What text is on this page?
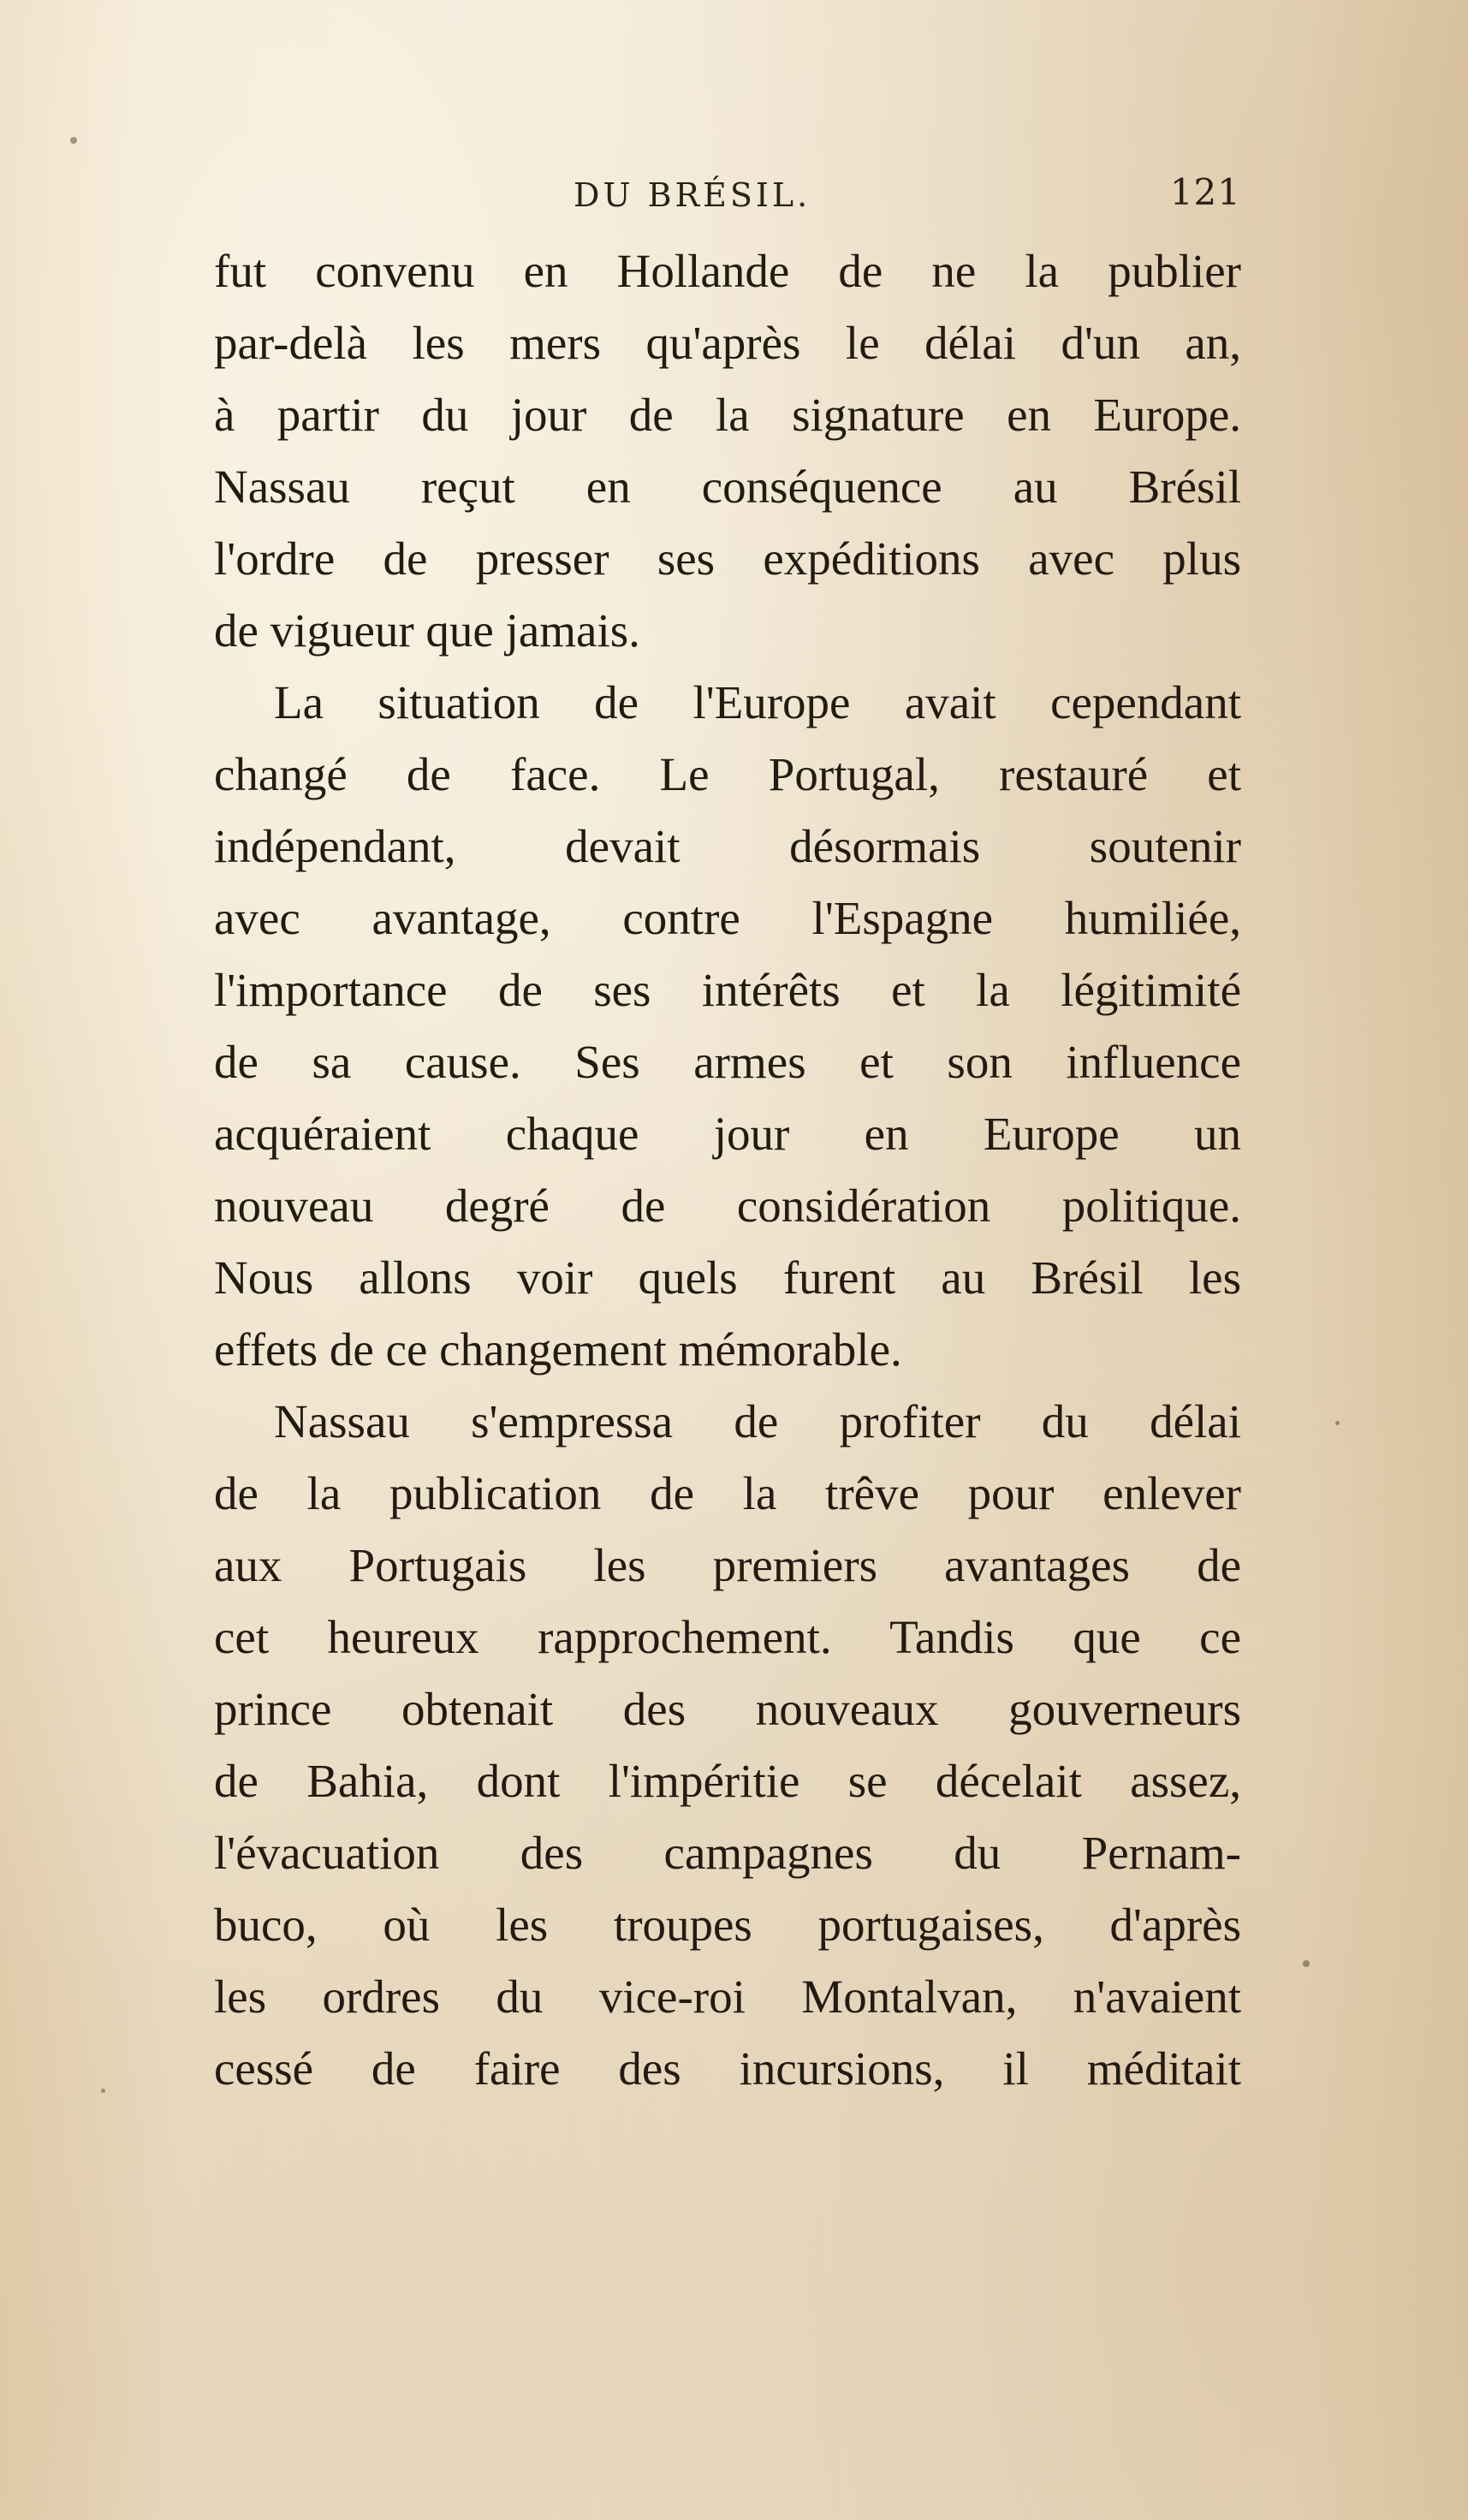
DU BRÉSIL.	121
fut convenu en Hollande de ne la publier
par-delà les mers qu'après le délai d'un an,
à partir du jour de la signature en Europe.
Nassau reçut en conséquence au Brésil
l'ordre de presser ses expéditions avec plus
de vigueur que jamais.
La situation de l'Europe avait cependant
changé de face. Le Portugal, restauré et
indépendant, devait désormais soutenir
avec avantage, contre l'Espagne humiliée,
l'importance de ses intérêts et la légitimité
de sa cause. Ses armes et son influence
acquéraient chaque jour en Europe un
nouveau degré de considération politique.
Nous allons voir quels furent au Brésil les
effets de ce changement mémorable.
Nassau s'empressa de profiter du délai
de la publication de la trêve pour enlever
aux Portugais les premiers avantages de
cet heureux rapprochement. Tandis que ce
prince obtenait des nouveaux gouverneurs
de Bahia, dont l'impéritie se décelait assez,
l'évacuation des campagnes du Pernam-
buco, où les troupes portugaises, d'après
les ordres du vice-roi Montalvan, n'avaient
cessé de faire des incursions, il méditait
